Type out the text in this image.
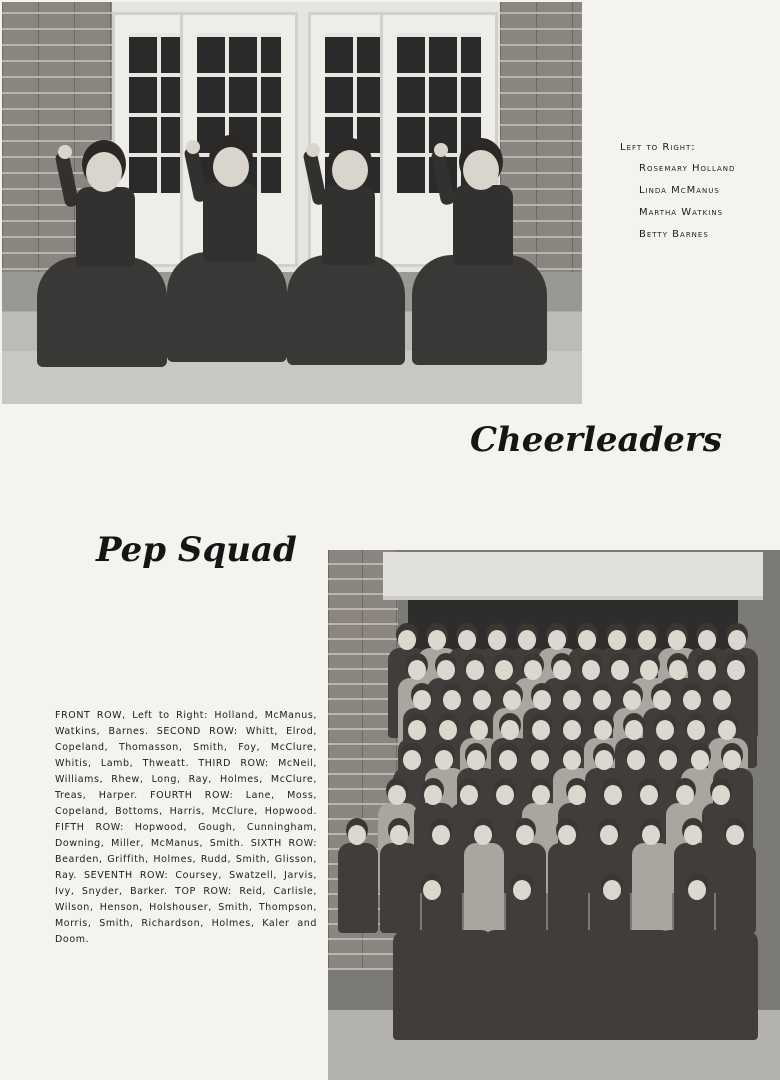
Left to Right:
Rosemary Holland
Linda McManus
Martha Watkins
Betty Barnes
Cheerleaders
Pep Squad
FRONT ROW, Left to Right: Holland, McManus, Watkins, Barnes. SECOND ROW: Whitt, Elrod, Copeland, Thomasson, Smith, Foy, McClure, Whitis, Lamb, Thweatt. THIRD ROW: McNeil, Williams, Rhew, Long, Ray, Holmes, McClure, Treas, Harper. FOURTH ROW: Lane, Moss, Copeland, Bottoms, Harris, McClure, Hopwood. FIFTH ROW: Hopwood, Gough, Cunningham, Downing, Miller, McManus, Smith. SIXTH ROW: Bearden, Griffith, Holmes, Rudd, Smith, Glisson, Ray. SEVENTH ROW: Coursey, Swatzell, Jarvis, Ivy, Snyder, Barker. TOP ROW: Reid, Carlisle, Wilson, Henson, Holshouser, Smith, Thompson, Morris, Smith, Richardson, Holmes, Kaler and Doom.
